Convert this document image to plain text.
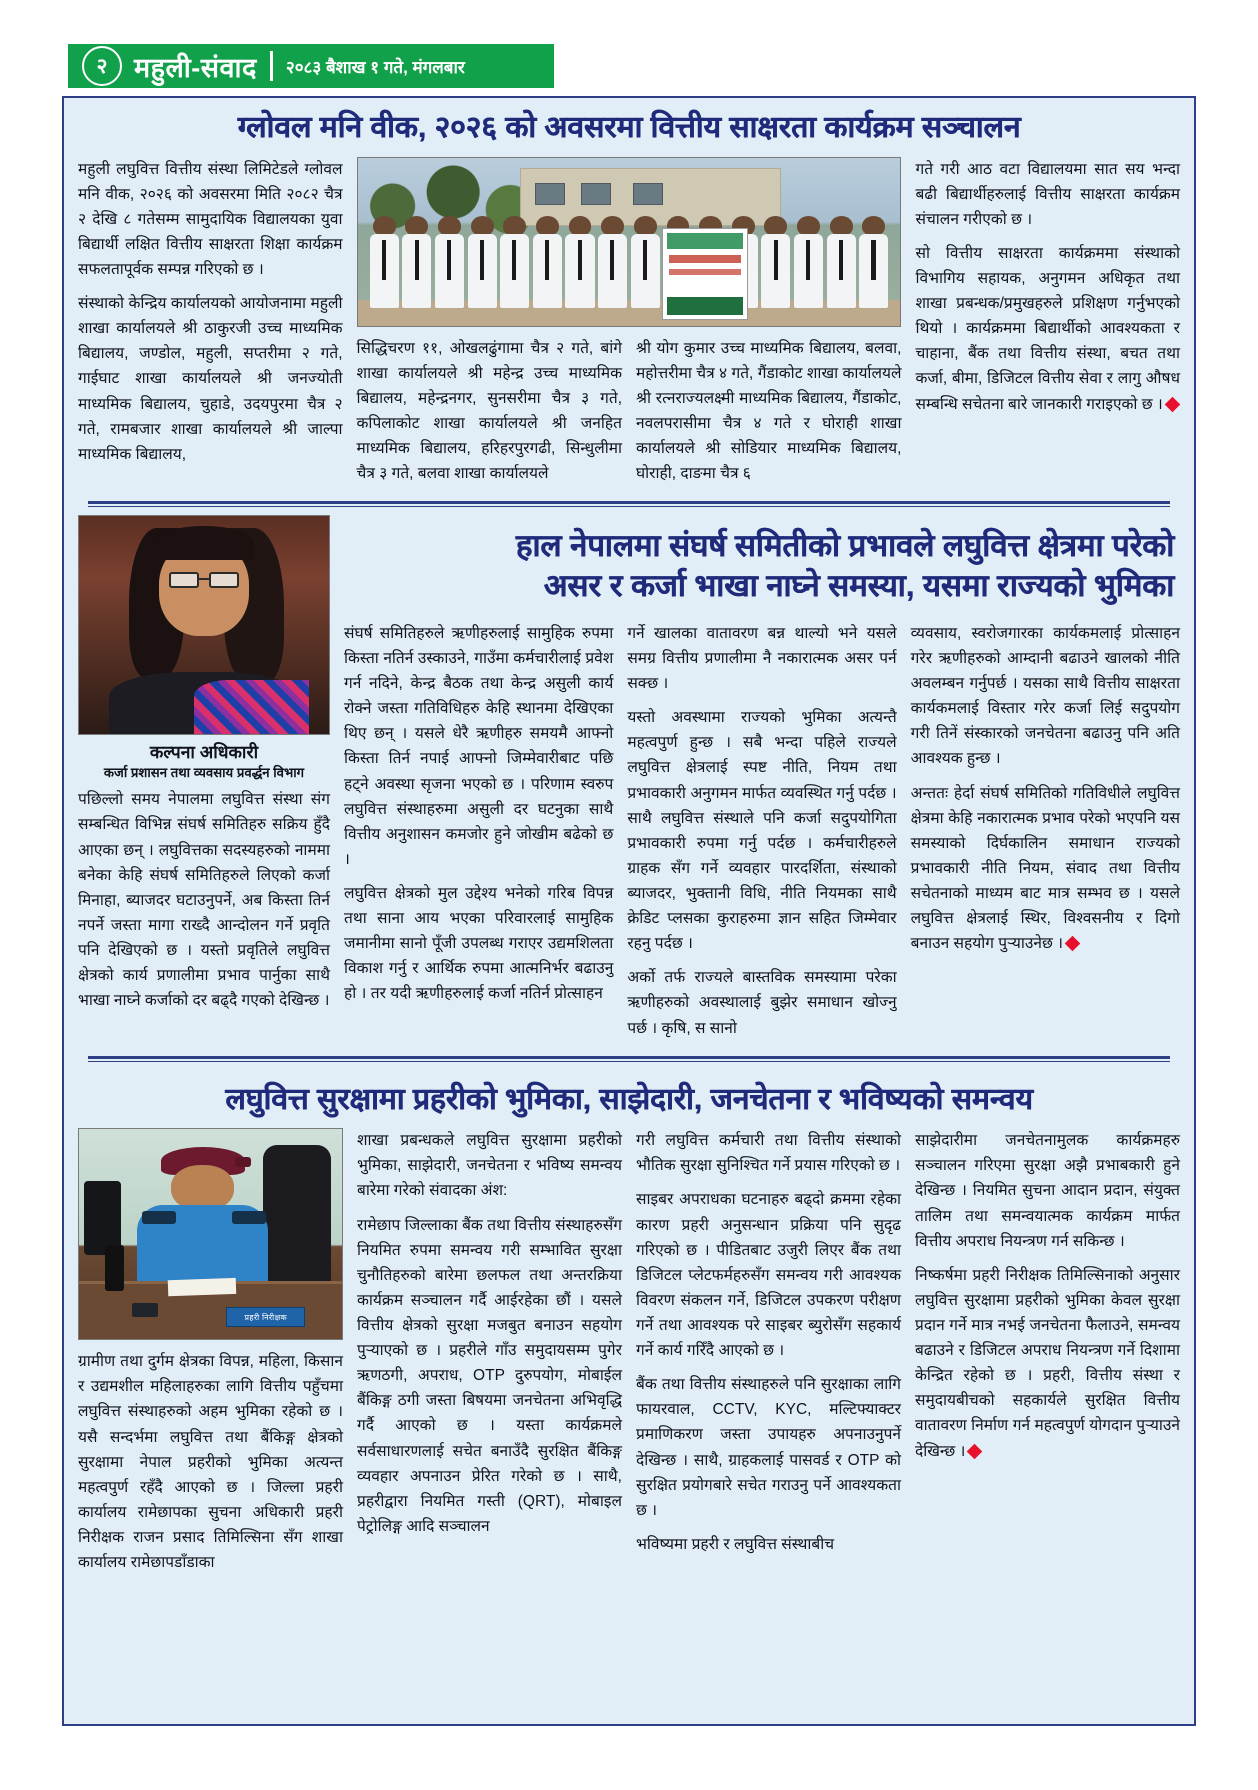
२ महुली-संवाद २०८३ बैशाख १ गते, मंगलबार
ग्लोवल मनि वीक, २०२६ को अवसरमा वित्तीय साक्षरता कार्यक्रम सञ्चालन

महुली लघुवित्त वित्तीय संस्था लिमिटेडले ग्लोवल मनि वीक, २०२६ को अवसरमा मिति २०८२ चैत्र २ देखि ८ गतेसम्म सामुदायिक विद्यालयका युवा बिद्यार्थी लक्षित वित्तीय साक्षरता शिक्षा कार्यक्रम सफलतापूर्वक सम्पन्न गरिएको छ ।

संस्थाको केन्द्रिय कार्यालयको आयोजनामा महुली शाखा कार्यालयले श्री ठाकुरजी उच्च माध्यमिक बिद्यालय, जण्डोल, महुली, सप्तरीमा २ गते, गाईघाट शाखा कार्यालयले श्री जनज्योती माध्यमिक बिद्यालय, चुहाडे, उदयपुरमा चैत्र २ गते, रामबजार शाखा कार्यालयले श्री जाल्पा माध्यमिक बिद्यालय,

सिद्धिचरण ११, ओखलढुंगामा चैत्र २ गते, बांगे शाखा कार्यालयले श्री महेन्द्र उच्च माध्यमिक बिद्यालय, महेन्द्रनगर, सुनसरीमा चैत्र ३ गते, कपिलाकोट शाखा कार्यालयले श्री जनहित माध्यमिक बिद्यालय, हरिहरपुरगढी, सिन्धुलीमा चैत्र ३ गते, बलवा शाखा कार्यालयले

श्री योग कुमार उच्च माध्यमिक बिद्यालय, बलवा, महोत्तरीमा चैत्र ४ गते, गैंडाकोट शाखा कार्यालयले श्री रत्नराज्यलक्ष्मी माध्यमिक बिद्यालय, गैंडाकोट, नवलपरासीमा चैत्र ४ गते र घोराही शाखा कार्यालयले श्री सोडियार माध्यमिक बिद्यालय, घोराही, दाङमा चैत्र ६

गते गरी आठ वटा विद्यालयमा सात सय भन्दा बढी बिद्यार्थीहरुलाई वित्तीय साक्षरता कार्यक्रम संचालन गरीएको छ ।

सो वित्तीय साक्षरता कार्यक्रममा संस्थाको विभागिय सहायक, अनुगमन अधिकृत तथा शाखा प्रबन्धक/प्रमुखहरुले प्रशिक्षण गर्नुभएको थियो । कार्यक्रममा बिद्यार्थीको आवश्यकता र चाहाना, बैंक तथा वित्तीय संस्था, बचत तथा कर्जा, बीमा, डिजिटल वित्तीय सेवा र लागु औषध सम्बन्धि सचेतना बारे जानकारी गराइएको छ ।

कल्पना अधिकारी
कर्जा प्रशासन तथा व्यवसाय प्रवर्द्धन विभाग

पछिल्लो समय नेपालमा लघुवित्त संस्था संग सम्बन्धित विभिन्न संघर्ष समितिहरु सक्रिय हुँदै आएका छन् । लघुवित्तका सदस्यहरुको नाममा बनेका केहि संघर्ष समितिहरुले लिएको कर्जा मिनाहा, ब्याजदर घटाउनुपर्ने, अब किस्ता तिर्न नपर्ने जस्ता मागा राख्दै आन्दोलन गर्ने प्रवृति पनि देखिएको छ । यस्तो प्रवृतिले लघुवित्त क्षेत्रको कार्य प्रणालीमा प्रभाव पार्नुका साथै भाखा नाघ्ने कर्जाको दर बढ्दै गएको देखिन्छ ।

हाल नेपालमा संघर्ष समितीको प्रभावले लघुवित्त क्षेत्रमा परेको
असर र कर्जा भाखा नाघ्ने समस्या, यसमा राज्यको भुमिका

संघर्ष समितिहरुले ऋणीहरुलाई सामुहिक रुपमा किस्ता नतिर्न उस्काउने, गाउँमा कर्मचारीलाई प्रवेश गर्न नदिने, केन्द्र बैठक तथा केन्द्र असुली कार्य रोक्ने जस्ता गतिविधिहरु केहि स्थानमा देखिएका थिए छन् । यसले धेरै ऋणीहरु समयमै आफ्नो किस्ता तिर्न नपाई आफ्नो जिम्मेवारीबाट पछि हट्ने अवस्था सृजना भएको छ । परिणाम स्वरुप लघुवित्त संस्थाहरुमा असुली दर घटनुका साथै वित्तीय अनुशासन कमजोर हुने जोखीम बढेको छ ।

लघुवित्त क्षेत्रको मुल उद्देश्य भनेको गरिब विपन्न तथा साना आय भएका परिवारलाई सामुहिक जमानीमा सानो पूँजी उपलब्ध गराएर उद्यमशिलता विकाश गर्नु र आर्थिक रुपमा आत्मनिर्भर बढाउनु हो । तर यदी ऋणीहरुलाई कर्जा नतिर्न प्रोत्साहन

गर्ने खालका वातावरण बन्न थाल्यो भने यसले समग्र वित्तीय प्रणालीमा नै नकारात्मक असर पर्न सक्छ ।

यस्तो अवस्थामा राज्यको भुमिका अत्यन्तै महत्वपुर्ण हुन्छ । सबै भन्दा पहिले राज्यले लघुवित्त क्षेत्रलाई स्पष्ट नीति, नियम तथा प्रभावकारी अनुगमन मार्फत व्यवस्थित गर्नु पर्दछ । साथै लघुवित्त संस्थाले पनि कर्जा सदुपयोगिता प्रभावकारी रुपमा गर्नु पर्दछ । कर्मचारीहरुले ग्राहक सँग गर्ने व्यवहार पारदर्शिता, संस्थाको ब्याजदर, भुक्तानी विधि, नीति नियमका साथै क्रेडिट प्लसका कुराहरुमा ज्ञान सहित जिम्मेवार रहनु पर्दछ ।

अर्को तर्फ राज्यले बास्तविक समस्यामा परेका ऋणीहरुको अवस्थालाई बुझेर समाधान खोज्नु पर्छ । कृषि, स सानो

व्यवसाय, स्वरोजगारका कार्यकमलाई प्रोत्साहन गरेर ऋणीहरुको आम्दानी बढाउने खालको नीति अवलम्बन गर्नुपर्छ । यसका साथै वित्तीय साक्षरता कार्यकमलाई विस्तार गरेर कर्जा लिई सदुपयोग गरी तिनें संस्कारको जनचेतना बढाउनु पनि अति आवश्यक हुन्छ ।

अन्ततः हेर्दा संघर्ष समितिको गतिविधीले लघुवित्त क्षेत्रमा केहि नकारात्मक प्रभाव परेको भएपनि यस समस्याको दिर्घकालिन समाधान राज्यको प्रभावकारी नीति नियम, संवाद तथा वित्तीय सचेतनाको माध्यम बाट मात्र सम्भव छ । यसले लघुवित्त क्षेत्रलाई स्थिर, विश्वसनीय र दिगो बनाउन सहयोग पुऱ्याउनेछ ।

लघुवित्त सुरक्षामा प्रहरीको भुमिका, साझेदारी, जनचेतना र भविष्यको समन्वय
प्रहरी निरीक्षक

ग्रामीण तथा दुर्गम क्षेत्रका विपन्न, महिला, किसान र उद्यमशील महिलाहरुका लागि वित्तीय पहुँचमा लघुवित्त संस्थाहरुको अहम भुमिका रहेको छ । यसै सन्दर्भमा लघुवित्त तथा बैंकिङ्ग क्षेत्रको सुरक्षामा नेपाल प्रहरीको भुमिका अत्यन्त महत्वपुर्ण रहँदै आएको छ । जिल्ला प्रहरी कार्यालय रामेछापका सुचना अधिकारी प्रहरी निरीक्षक राजन प्रसाद तिमिल्सिना सँग शाखा कार्यालय रामेछापडाँडाका

शाखा प्रबन्धकले लघुवित्त सुरक्षामा प्रहरीको भुमिका, साझेदारी, जनचेतना र भविष्य समन्वय बारेमा गरेको संवादका अंश:

रामेछाप जिल्लाका बैंक तथा वित्तीय संस्थाहरुसँग नियमित रुपमा समन्वय गरी सम्भावित सुरक्षा चुनौतिहरुको बारेमा छलफल तथा अन्तरक्रिया कार्यक्रम सञ्चालन गर्दै आईरहेका छौं । यसले वित्तीय क्षेत्रको सुरक्षा मजबुत बनाउन सहयोग पुऱ्याएको छ । प्रहरीले गाँउ समुदायसम्म पुगेर ऋणठगी, अपराध, OTP दुरुपयोग, मोबाईल बैंकिङ्ग ठगी जस्ता बिषयमा जनचेतना अभिवृद्धि गर्दै आएको छ । यस्ता कार्यक्रमले सर्वसाधारणलाई सचेत बनाउँदै सुरक्षित बैंकिङ्ग व्यवहार अपनाउन प्रेरित गरेको छ । साथै, प्रहरीद्वारा नियमित गस्ती (QRT), मोबाइल पेट्रोलिङ्ग आदि सञ्चालन

गरी लघुवित्त कर्मचारी तथा वित्तीय संस्थाको भौतिक सुरक्षा सुनिश्चित गर्ने प्रयास गरिएको छ ।

साइबर अपराधका घटनाहरु बढ्दो क्रममा रहेका कारण प्रहरी अनुसन्धान प्रक्रिया पनि सुदृढ गरिएको छ । पीडितबाट उजुरी लिएर बैंक तथा डिजिटल प्लेटफर्महरुसँग समन्वय गरी आवश्यक विवरण संकलन गर्ने, डिजिटल उपकरण परीक्षण गर्ने तथा आवश्यक परे साइबर ब्युरोसँग सहकार्य गर्ने कार्य गरिँदै आएको छ ।

बैंक तथा वित्तीय संस्थाहरुले पनि सुरक्षाका लागि फायरवाल, CCTV, KYC, मल्टिफ्याक्टर प्रमाणिकरण जस्ता उपायहरु अपनाउनुपर्ने देखिन्छ । साथै, ग्राहकलाई पासवर्ड र OTP को सुरक्षित प्रयोगबारे सचेत गराउनु पर्ने आवश्यकता छ ।

भविष्यमा प्रहरी र लघुवित्त संस्थाबीच

साझेदारीमा जनचेतनामुलक कार्यक्रमहरु सञ्चालन गरिएमा सुरक्षा अझै प्रभाबकारी हुने देखिन्छ । नियमित सुचना आदान प्रदान, संयुक्त तालिम तथा समन्वयात्मक कार्यक्रम मार्फत वित्तीय अपराध नियन्त्रण गर्न सकिन्छ ।

निष्कर्षमा प्रहरी निरीक्षक तिमिल्सिनाको अनुसार लघुवित्त सुरक्षामा प्रहरीको भुमिका केवल सुरक्षा प्रदान गर्ने मात्र नभई जनचेतना फैलाउने, समन्वय बढाउने र डिजिटल अपराध नियन्त्रण गर्ने दिशामा केन्द्रित रहेको छ । प्रहरी, वित्तीय संस्था र समुदायबीचको सहकार्यले सुरक्षित वित्तीय वातावरण निर्माण गर्न महत्वपुर्ण योगदान पुऱ्याउने देखिन्छ ।
